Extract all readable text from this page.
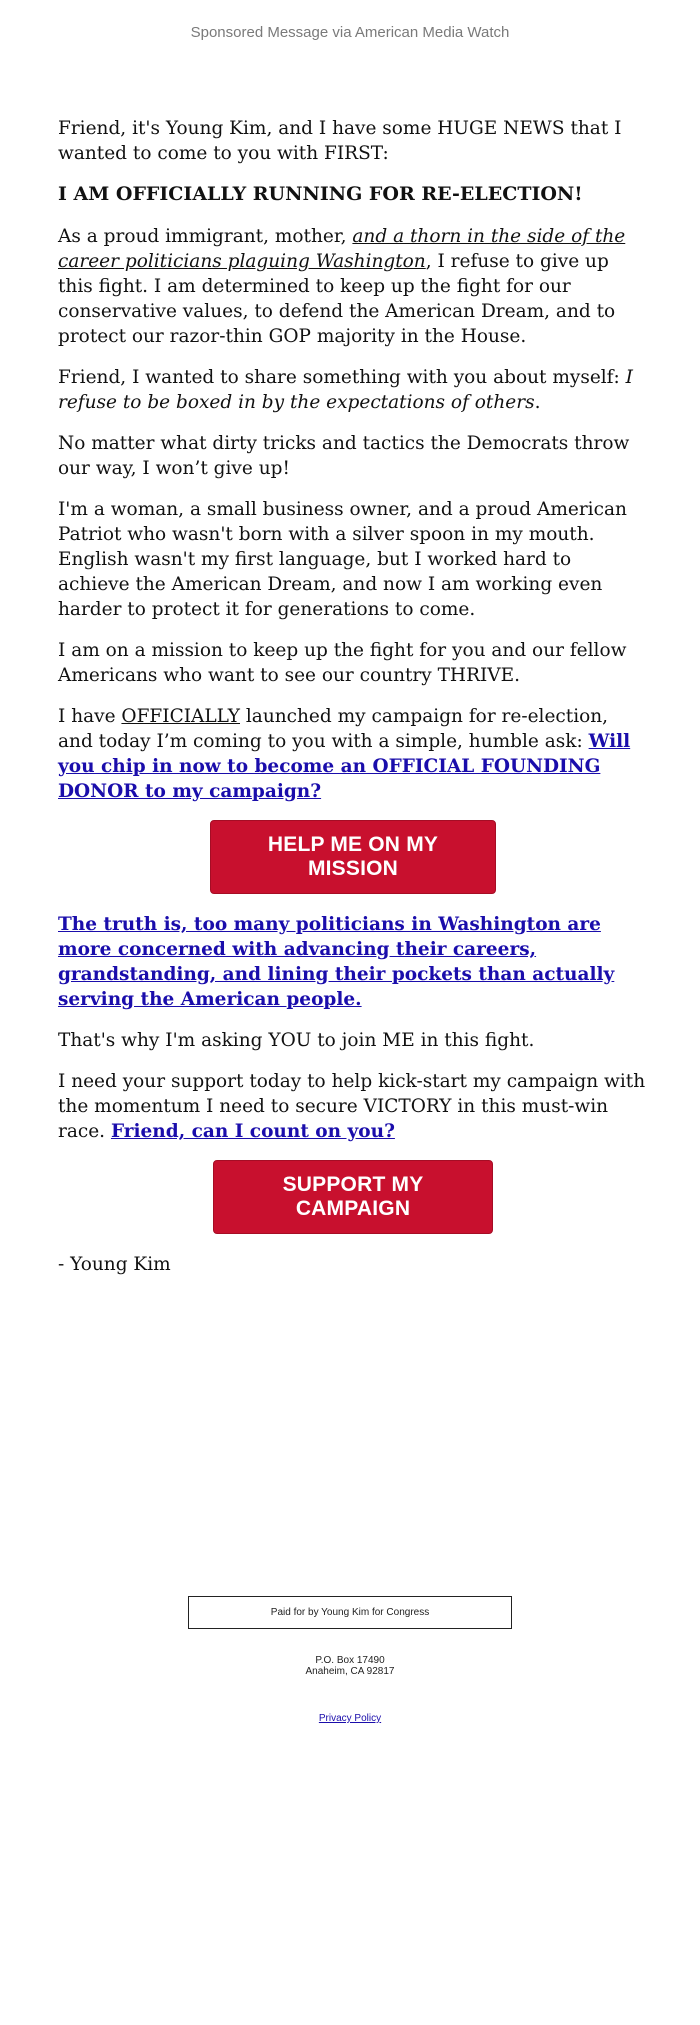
Sponsored Message via American Media Watch

Friend, it's Young Kim, and I have some HUGE NEWS that I wanted to come to you with FIRST:

I AM OFFICIALLY RUNNING FOR RE-ELECTION!

As a proud immigrant, mother, and a thorn in the side of the career politicians plaguing Washington, I refuse to give up this fight. I am determined to keep up the fight for our conservative values, to defend the American Dream, and to protect our razor-thin GOP majority in the House.

Friend, I wanted to share something with you about myself: I refuse to be boxed in by the expectations of others.

No matter what dirty tricks and tactics the Democrats throw our way, I won’t give up!

I'm a woman, a small business owner, and a proud American Patriot who wasn't born with a silver spoon in my mouth. English wasn't my first language, but I worked hard to achieve the American Dream, and now I am working even harder to protect it for generations to come.

I am on a mission to keep up the fight for you and our fellow Americans who want to see our country THRIVE.

I have OFFICIALLY launched my campaign for re-election, and today I’m coming to you with a simple, humble ask: Will you chip in now to become an OFFICIAL FOUNDING DONOR to my campaign?

HELP ME ON MY MISSION

The truth is, too many politicians in Washington are more concerned with advancing their careers, grandstanding, and lining their pockets than actually serving the American people.

That's why I'm asking YOU to join ME in this fight.

I need your support today to help kick-start my campaign with the momentum I need to secure VICTORY in this must-win race. Friend, can I count on you?

SUPPORT MY CAMPAIGN

- Young Kim

Paid for by Young Kim for Congress
P.O. Box 17490
Anaheim, CA 92817
Privacy Policy
